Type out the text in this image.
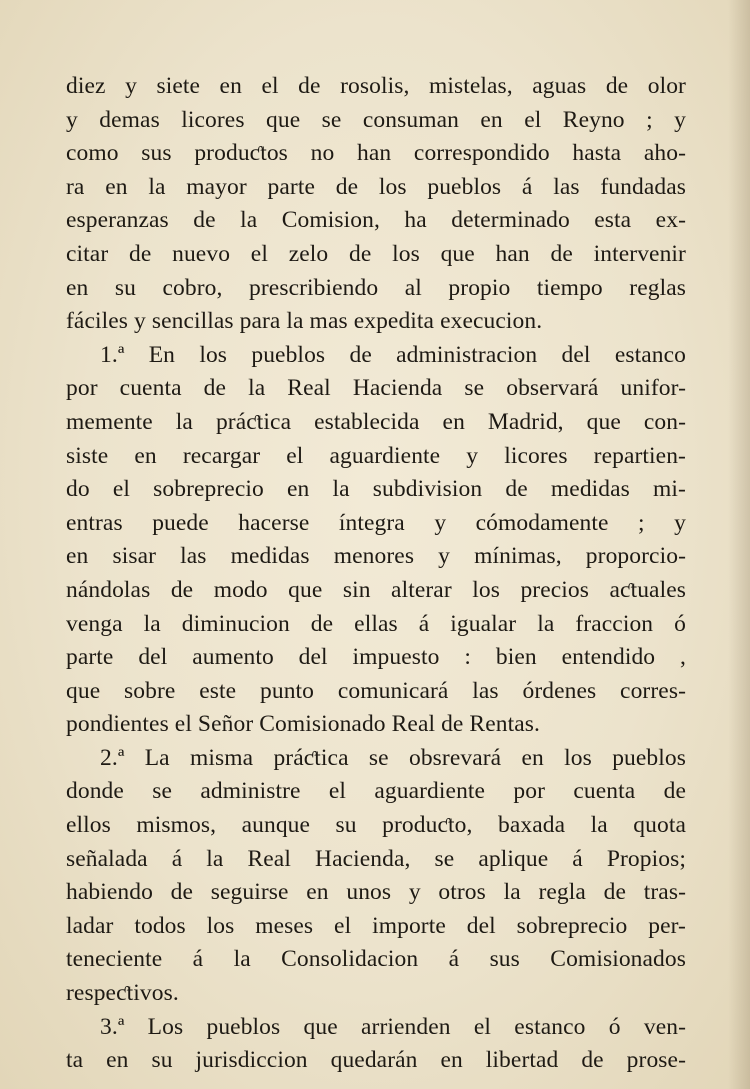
diez y siete en el de rosolis, mistelas, aguas de olor
y demas licores que se consuman en el Reyno ; y
como sus produƈtos no han correspondido hasta aho-
ra en la mayor parte de los pueblos á las fundadas
esperanzas de la Comision, ha determinado esta ex-
citar de nuevo el zelo de los que han de intervenir
en su cobro, prescribiendo al propio tiempo reglas
fáciles y sencillas para la mas expedita execucion.
1.ª En los pueblos de administracion del estanco
por cuenta de la Real Hacienda se observará unifor-
memente la práƈtica establecida en Madrid, que con-
siste en recargar el aguardiente y licores repartien-
do el sobreprecio en la subdivision de medidas mi-
entras puede hacerse íntegra y cómodamente ; y
en sisar las medidas menores y mínimas, proporcio-
nándolas de modo que sin alterar los precios aƈtuales
venga la diminucion de ellas á igualar la fraccion ó
parte del aumento del impuesto : bien entendido ,
que sobre este punto comunicará las órdenes corres-
pondientes el Señor Comisionado Real de Rentas.
2.ª La misma práƈtica se obsrevará en los pueblos
donde se administre el aguardiente por cuenta de
ellos mismos, aunque su produƈto, baxada la quota
señalada á la Real Hacienda, se aplique á Propios;
habiendo de seguirse en unos y otros la regla de tras-
ladar todos los meses el importe del sobreprecio per-
teneciente á la Consolidacion á sus Comisionados
respeƈtivos.
3.ª Los pueblos que arrienden el estanco ó ven-
ta en su jurisdiccion quedarán en libertad de prose-
